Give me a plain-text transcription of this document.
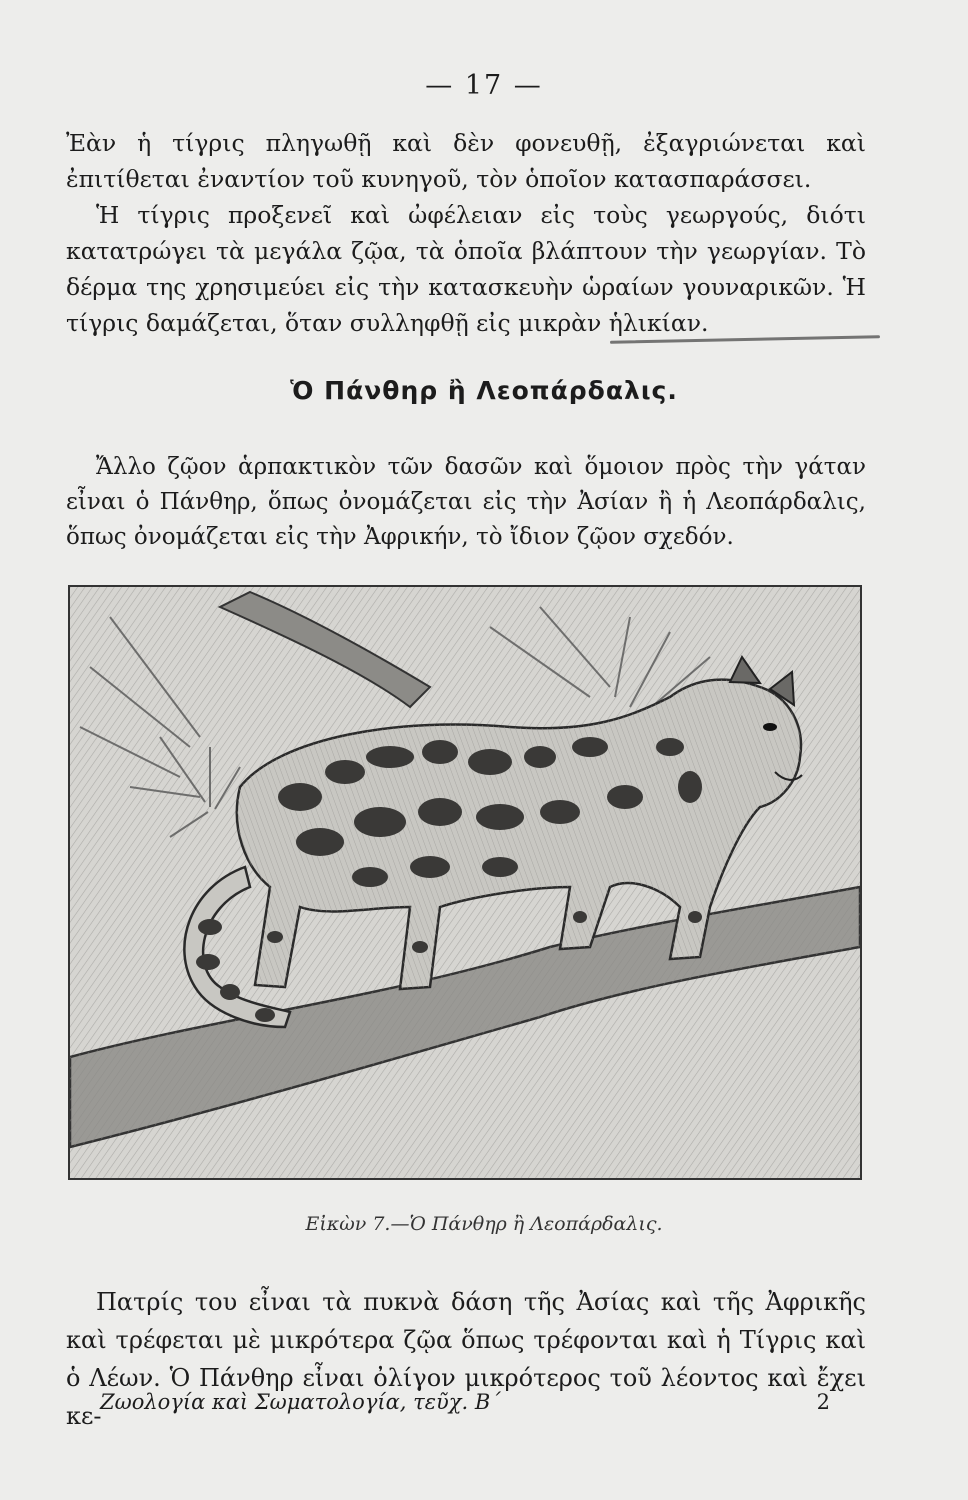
— 17 —

Ἐὰν ἡ τίγρις πληγωθῇ καὶ δὲν φονευθῇ, ἐξαγριώνεται καὶ ἐπιτίθεται ἐναντίον τοῦ κυνηγοῦ, τὸν ὁποῖον κατασπαράσσει.
Ἡ τίγρις προξενεῖ καὶ ὠφέλειαν εἰς τοὺς γεωργούς, διότι κατατρώγει τὰ μεγάλα ζῷα, τὰ ὁποῖα βλάπτουν τὴν γεωργίαν. Τὸ δέρμα της χρησιμεύει εἰς τὴν κατασκευὴν ὡραίων γουναρικῶν. Ἡ τίγρις δαμάζεται, ὅταν συλληφθῇ εἰς μικρὰν ἡλικίαν.

Ὁ Πάνθηρ ἢ Λεοπάρδαλις.

Ἄλλο ζῷον ἁρπακτικὸν τῶν δασῶν καὶ ὅμοιον πρὸς τὴν γάταν εἶναι ὁ Πάνθηρ, ὅπως ὀνομάζεται εἰς τὴν Ἀσίαν ἢ ἡ Λεοπάρδαλις, ὅπως ὀνομάζεται εἰς τὴν Ἀφρικήν, τὸ ἴδιον ζῷον σχεδόν.

Εἰκὼν 7.—Ὁ Πάνθηρ ἢ Λεοπάρδαλις.

Πατρίς του εἶναι τὰ πυκνὰ δάση τῆς Ἀσίας καὶ τῆς Ἀφρικῆς καὶ τρέφεται μὲ μικρότερα ζῷα ὅπως τρέφονται καὶ ἡ Τίγρις καὶ ὁ Λέων. Ὁ Πάνθηρ εἶναι ὀλίγον μικρότερος τοῦ λέοντος καὶ ἔχει κε-

Ζωολογία καὶ Σωματολογία, τεῦχ. Β΄	2
